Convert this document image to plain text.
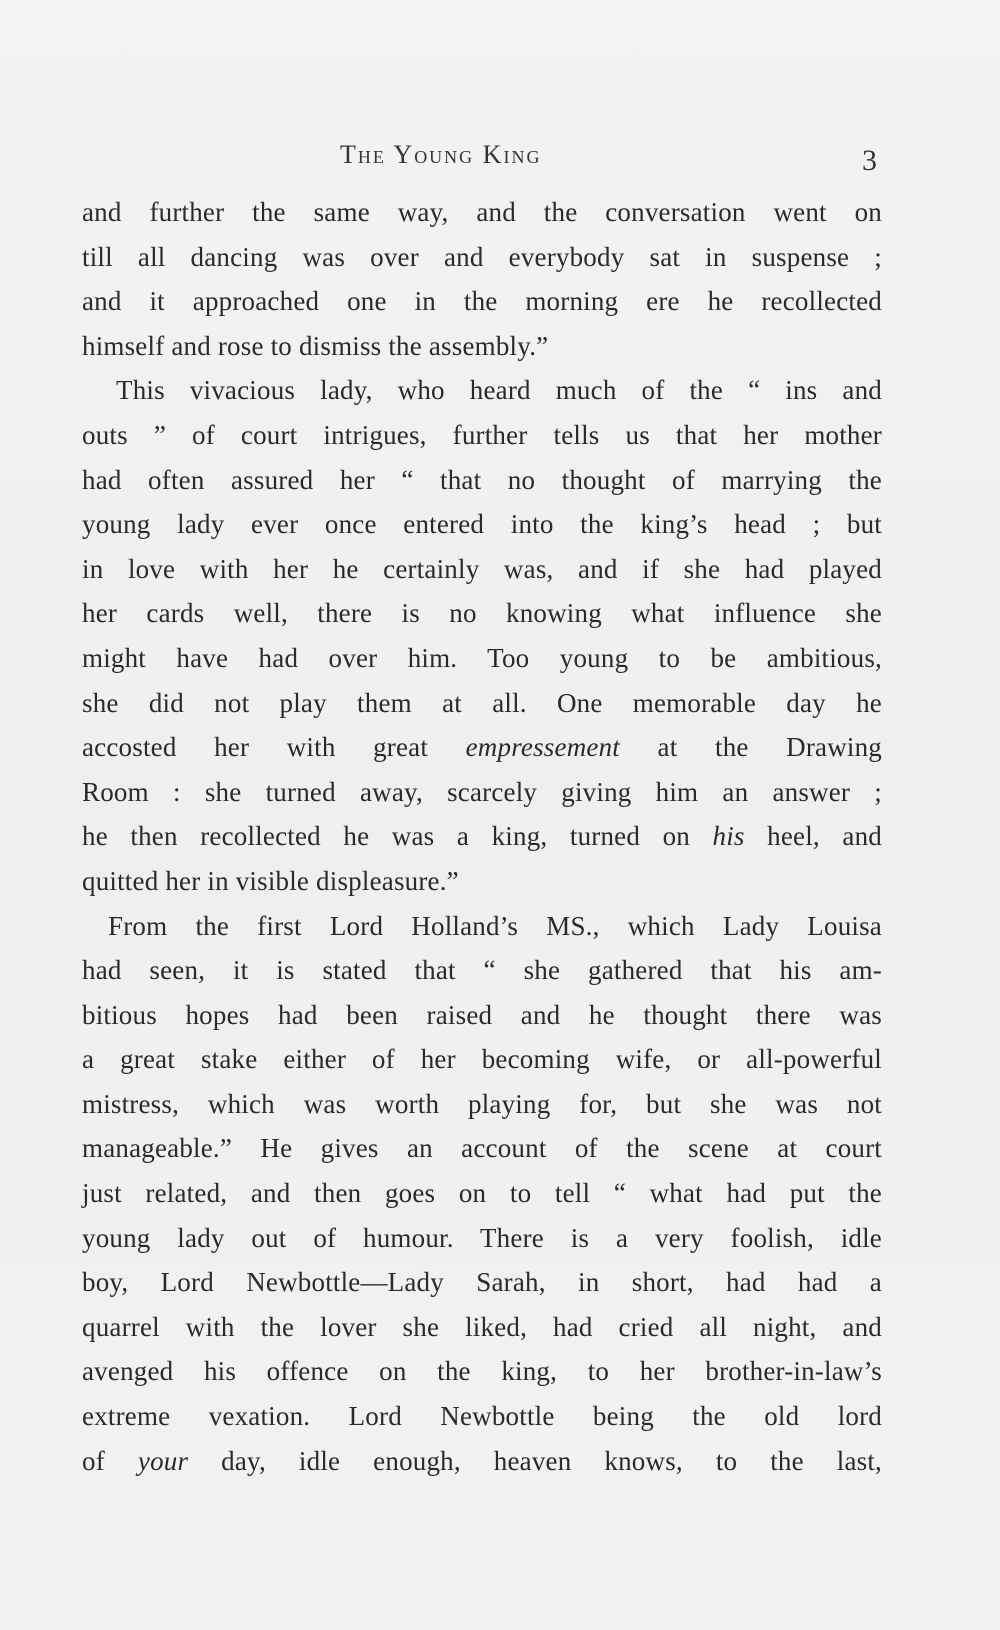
The Young King	3
and further the same way, and the conversation went on
till all dancing was over and everybody sat in suspense ;
and it approached one in the morning ere he recollected
himself and rose to dismiss the assembly.”
This vivacious lady, who heard much of the “ ins and
outs ” of court intrigues, further tells us that her mother
had often assured her “ that no thought of marrying the
young lady ever once entered into the king’s head ; but
in love with her he certainly was, and if she had played
her cards well, there is no knowing what influence she
might have had over him. Too young to be ambitious,
she did not play them at all. One memorable day he
accosted her with great empressement at the Drawing
Room : she turned away, scarcely giving him an answer ;
he then recollected he was a king, turned on his heel, and
quitted her in visible displeasure.”
From the first Lord Holland’s MS., which Lady Louisa
had seen, it is stated that “ she gathered that his am-
bitious hopes had been raised and he thought there was
a great stake either of her becoming wife, or all-powerful
mistress, which was worth playing for, but she was not
manageable.” He gives an account of the scene at court
just related, and then goes on to tell “ what had put the
young lady out of humour. There is a very foolish, idle
boy, Lord Newbottle—Lady Sarah, in short, had had a
quarrel with the lover she liked, had cried all night, and
avenged his offence on the king, to her brother-in-law’s
extreme vexation. Lord Newbottle being the old lord
of your day, idle enough, heaven knows, to the last,
